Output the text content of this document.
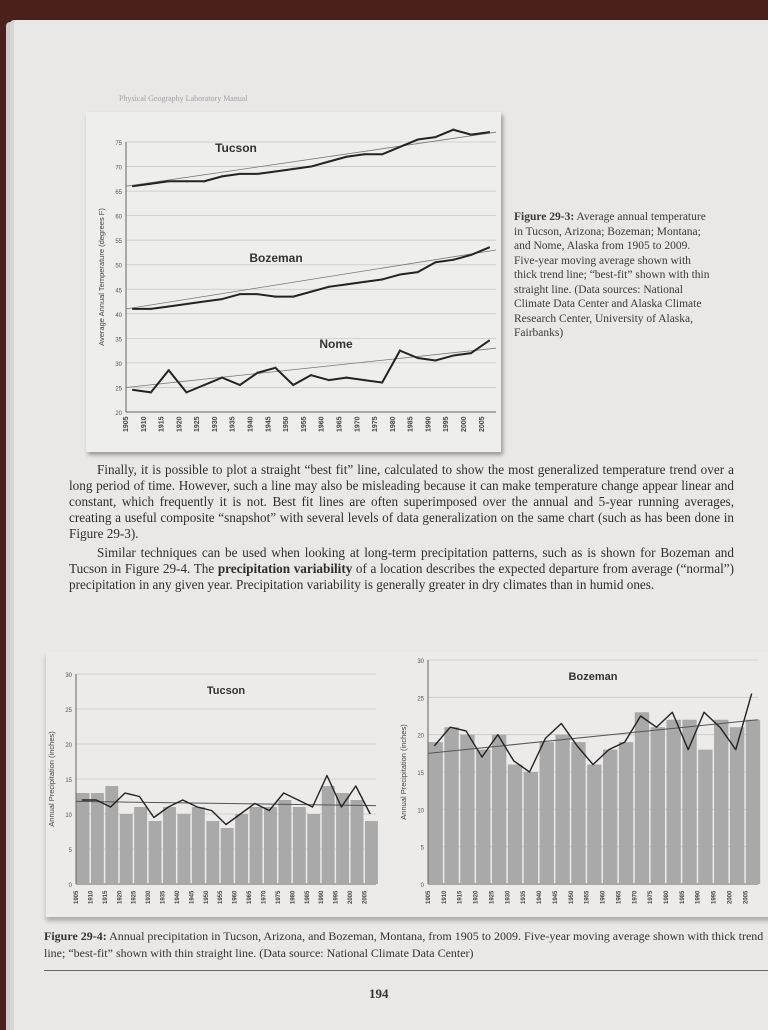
Physical Geography Laboratory Manual
20
25
30
35
40
45
50
55
60
65
70
75
1905 1910 1915 1920 1925 1930 1935 1940 1945 1950 1955 1960 1965 1970 1975 1980 1985 1990 1995 2000 2005
Average Annual Temperature (degrees F)
Tucson
Bozeman
Nome
Figure 29-3: Average annual temperature in Tucson, Arizona; Bozeman; Montana; and Nome, Alaska from 1905 to 2009. Five-year moving average shown with thick trend line; “best-fit” shown with thin straight line. (Data sources: National Climate Data Center and Alaska Climate Research Center, University of Alaska, Fairbanks)

Finally, it is possible to plot a straight “best fit” line, calculated to show the most generalized temperature trend over a long period of time. However, such a line may also be misleading because it can make temperature change appear linear and constant, which frequently it is not. Best fit lines are often superimposed over the annual and 5-year running averages, creating a useful composite “snapshot” with several levels of data generalization on the same chart (such as has been done in Figure 29-3).

Similar techniques can be used when looking at long-term precipitation patterns, such as is shown for Bozeman and Tucson in Figure 29-4. The precipitation variability of a location describes the expected departure from average (“normal”) precipitation in any given year. Precipitation variability is generally greater in dry climates than in humid ones.

0
5
10
15
20
25
30
1905 1910 1915 1920 1925 1930 1935 1940 1945 1950 1955 1960 1965 1970 1975 1980 1985 1990 1995 2000 2005
Annual Precipitation (inches)
Tucson
0
5
10
15
20
25
30
1905 1910 1915 1920 1925 1930 1935 1940 1945 1950 1955 1960 1965 1970 1975 1980 1985 1990 1995 2000 2005
Annual Precipitation (inches)
Bozeman
Figure 29-4: Annual precipitation in Tucson, Arizona, and Bozeman, Montana, from 1905 to 2009. Five-year moving average shown with thick trend line; “best-fit” shown with thin straight line. (Data source: National Climate Data Center)
194
